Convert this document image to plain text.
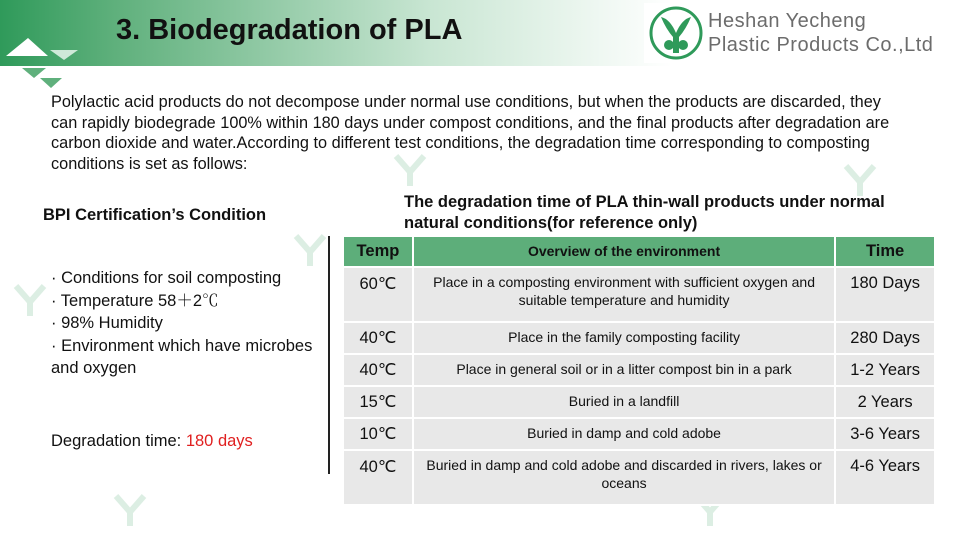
3. Biodegradation of PLA	Heshan Yecheng
Plastic Products Co.,Ltd

Polylactic acid products do not decompose under normal use conditions, but when the products are discarded, they can rapidly biodegrade 100% within 180 days under compost conditions, and the final products after degradation are carbon dioxide and water.According to different test conditions, the degradation time corresponding to composting conditions is set as follows:

BPI Certification’s Condition
· Conditions for soil composting
· Temperature 58＋2℃
· 98% Humidity
· Environment which have microbes and oxygen
Degradation time: 180 days
The degradation time of PLA thin-wall products under normal natural conditions(for reference only)
Temp	Overview of the environment	Time
60℃	Place in a composting environment with sufficient oxygen and suitable temperature and humidity	180 Days
40℃	Place in the family composting facility	280 Days
40℃	Place in general soil or in a litter compost bin in a park	1-2 Years
15℃	Buried in a landfill	2 Years
10℃	Buried in damp and cold adobe	3-6 Years
40℃	Buried in damp and cold adobe and discarded in rivers, lakes or oceans	4-6 Years
